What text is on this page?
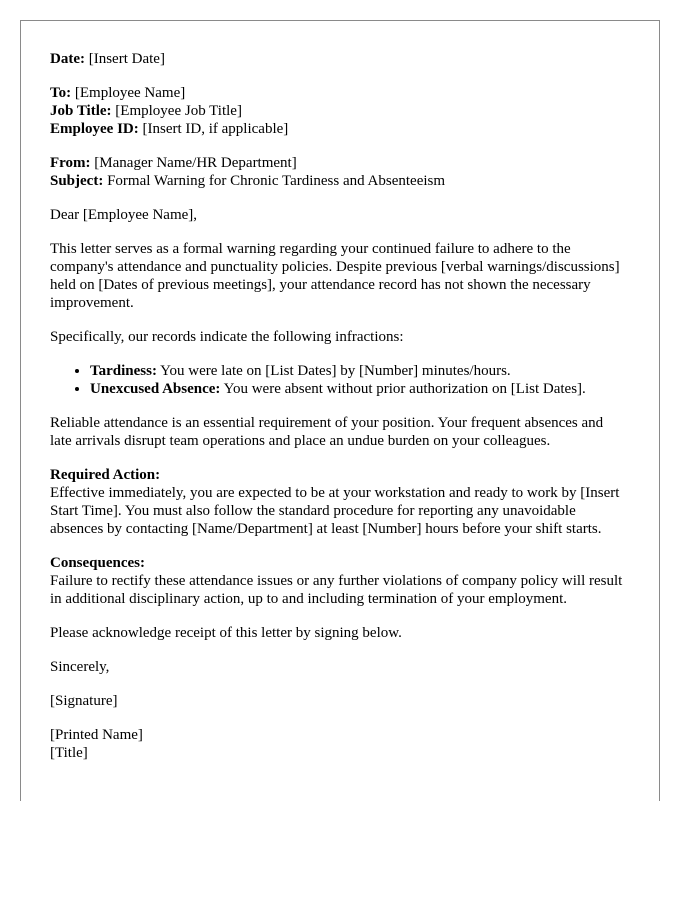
Date: [Insert Date]
To: [Employee Name]
Job Title: [Employee Job Title]
Employee ID: [Insert ID, if applicable]
From: [Manager Name/HR Department]
Subject: Formal Warning for Chronic Tardiness and Absenteeism
Dear [Employee Name],
This letter serves as a formal warning regarding your continued failure to adhere to the company's attendance and punctuality policies. Despite previous [verbal warnings/discussions] held on [Dates of previous meetings], your attendance record has not shown the necessary improvement.
Specifically, our records indicate the following infractions:
• Tardiness: You were late on [List Dates] by [Number] minutes/hours.
• Unexcused Absence: You were absent without prior authorization on [List Dates].
Reliable attendance is an essential requirement of your position. Your frequent absences and late arrivals disrupt team operations and place an undue burden on your colleagues.
Required Action:
Effective immediately, you are expected to be at your workstation and ready to work by [Insert Start Time]. You must also follow the standard procedure for reporting any unavoidable absences by contacting [Name/Department] at least [Number] hours before your shift starts.
Consequences:
Failure to rectify these attendance issues or any further violations of company policy will result in additional disciplinary action, up to and including termination of your employment.
Please acknowledge receipt of this letter by signing below.
Sincerely,
[Signature]
[Printed Name]
[Title]
